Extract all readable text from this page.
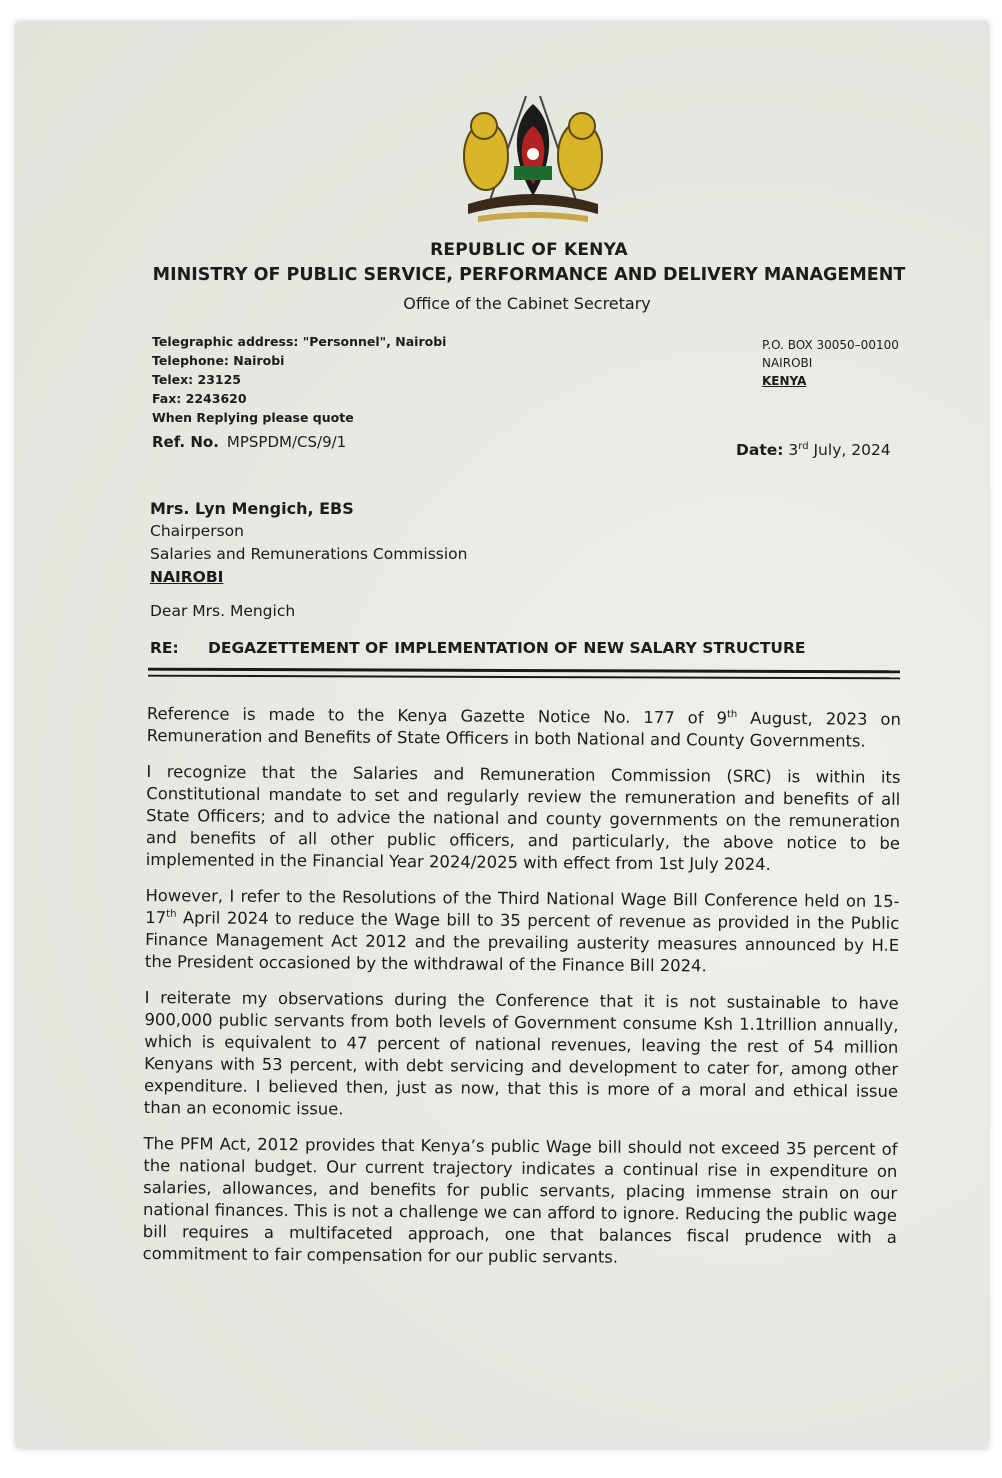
REPUBLIC OF KENYA
MINISTRY OF PUBLIC SERVICE, PERFORMANCE AND DELIVERY MANAGEMENT
Office of the Cabinet Secretary
Telegraphic address: "Personnel", Nairobi
Telephone: Nairobi
Telex: 23125
Fax: 2243620
When Replying please quote
P.O. BOX 30050–00100
NAIROBI
KENYA
Ref. No. MPSPDM/CS/9/1	Date: 3rd July, 2024
Mrs. Lyn Mengich, EBS
Chairperson
Salaries and Remunerations Commission
NAIROBI
Dear Mrs. Mengich
RE: DEGAZETTEMENT OF IMPLEMENTATION OF NEW SALARY STRUCTURE

Reference is made to the Kenya Gazette Notice No. 177 of 9th August, 2023 on Remuneration and Benefits of State Officers in both National and County Governments.

I recognize that the Salaries and Remuneration Commission (SRC) is within its Constitutional mandate to set and regularly review the remuneration and benefits of all State Officers; and to advice the national and county governments on the remuneration and benefits of all other public officers, and particularly, the above notice to be implemented in the Financial Year 2024/2025 with effect from 1st July 2024.

However, I refer to the Resolutions of the Third National Wage Bill Conference held on 15-17th April 2024 to reduce the Wage bill to 35 percent of revenue as provided in the Public Finance Management Act 2012 and the prevailing austerity measures announced by H.E the President occasioned by the withdrawal of the Finance Bill 2024.

I reiterate my observations during the Conference that it is not sustainable to have 900,000 public servants from both levels of Government consume Ksh 1.1trillion annually, which is equivalent to 47 percent of national revenues, leaving the rest of 54 million Kenyans with 53 percent, with debt servicing and development to cater for, among other expenditure. I believed then, just as now, that this is more of a moral and ethical issue than an economic issue.

The PFM Act, 2012 provides that Kenya’s public Wage bill should not exceed 35 percent of the national budget. Our current trajectory indicates a continual rise in expenditure on salaries, allowances, and benefits for public servants, placing immense strain on our national finances. This is not a challenge we can afford to ignore. Reducing the public wage bill requires a multifaceted approach, one that balances fiscal prudence with a commitment to fair compensation for our public servants.
